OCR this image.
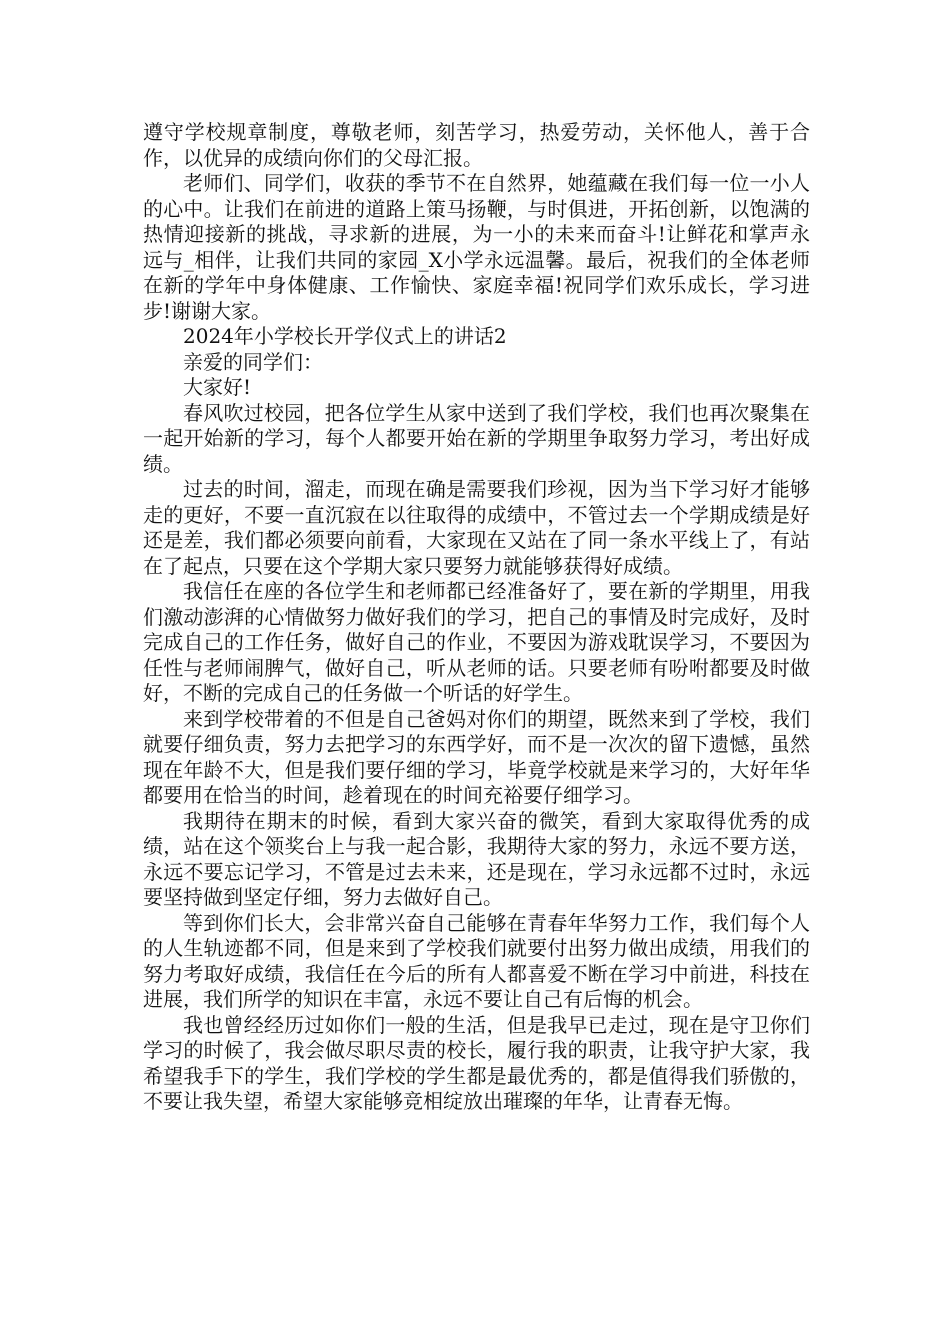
遵守学校规章制度，尊敬老师，刻苦学习，热爱劳动，关怀他人，善于合作，以优异的成绩向你们的父母汇报。

老师们、同学们，收获的季节不在自然界，她蕴藏在我们每一位一小人的心中。让我们在前进的道路上策马扬鞭，与时俱进，开拓创新，以饱满的热情迎接新的挑战，寻求新的进展，为一小的未来而奋斗!让鲜花和掌声永远与_相伴，让我们共同的家园_X小学永远温馨。最后，祝我们的全体老师在新的学年中身体健康、工作愉快、家庭幸福!祝同学们欢乐成长，学习进步!谢谢大家。

2024年小学校长开学仪式上的讲话2

亲爱的同学们：

大家好!

春风吹过校园，把各位学生从家中送到了我们学校，我们也再次聚集在一起开始新的学习，每个人都要开始在新的学期里争取努力学习，考出好成绩。

过去的时间，溜走，而现在确是需要我们珍视，因为当下学习好才能够走的更好，不要一直沉寂在以往取得的成绩中，不管过去一个学期成绩是好还是差，我们都必须要向前看，大家现在又站在了同一条水平线上了，有站在了起点，只要在这个学期大家只要努力就能够获得好成绩。

我信任在座的各位学生和老师都已经准备好了，要在新的学期里，用我们激动澎湃的心情做努力做好我们的学习，把自己的事情及时完成好，及时完成自己的工作任务，做好自己的作业，不要因为游戏耽误学习，不要因为任性与老师闹脾气，做好自己，听从老师的话。只要老师有吩咐都要及时做好，不断的完成自己的任务做一个听话的好学生。

来到学校带着的不但是自己爸妈对你们的期望，既然来到了学校，我们就要仔细负责，努力去把学习的东西学好，而不是一次次的留下遗憾，虽然现在年龄不大，但是我们要仔细的学习，毕竟学校就是来学习的，大好年华都要用在恰当的时间，趁着现在的时间充裕要仔细学习。

我期待在期末的时候，看到大家兴奋的微笑，看到大家取得优秀的成绩，站在这个领奖台上与我一起合影，我期待大家的努力，永远不要方送，永远不要忘记学习，不管是过去未来，还是现在，学习永远都不过时，永远要坚持做到坚定仔细，努力去做好自己。

等到你们长大，会非常兴奋自己能够在青春年华努力工作，我们每个人的人生轨迹都不同，但是来到了学校我们就要付出努力做出成绩，用我们的努力考取好成绩，我信任在今后的所有人都喜爱不断在学习中前进，科技在进展，我们所学的知识在丰富，永远不要让自己有后悔的机会。

我也曾经经历过如你们一般的生活，但是我早已走过，现在是守卫你们学习的时候了，我会做尽职尽责的校长，履行我的职责，让我守护大家，我希望我手下的学生，我们学校的学生都是最优秀的，都是值得我们骄傲的，不要让我失望，希望大家能够竞相绽放出璀璨的年华，让青春无悔。
